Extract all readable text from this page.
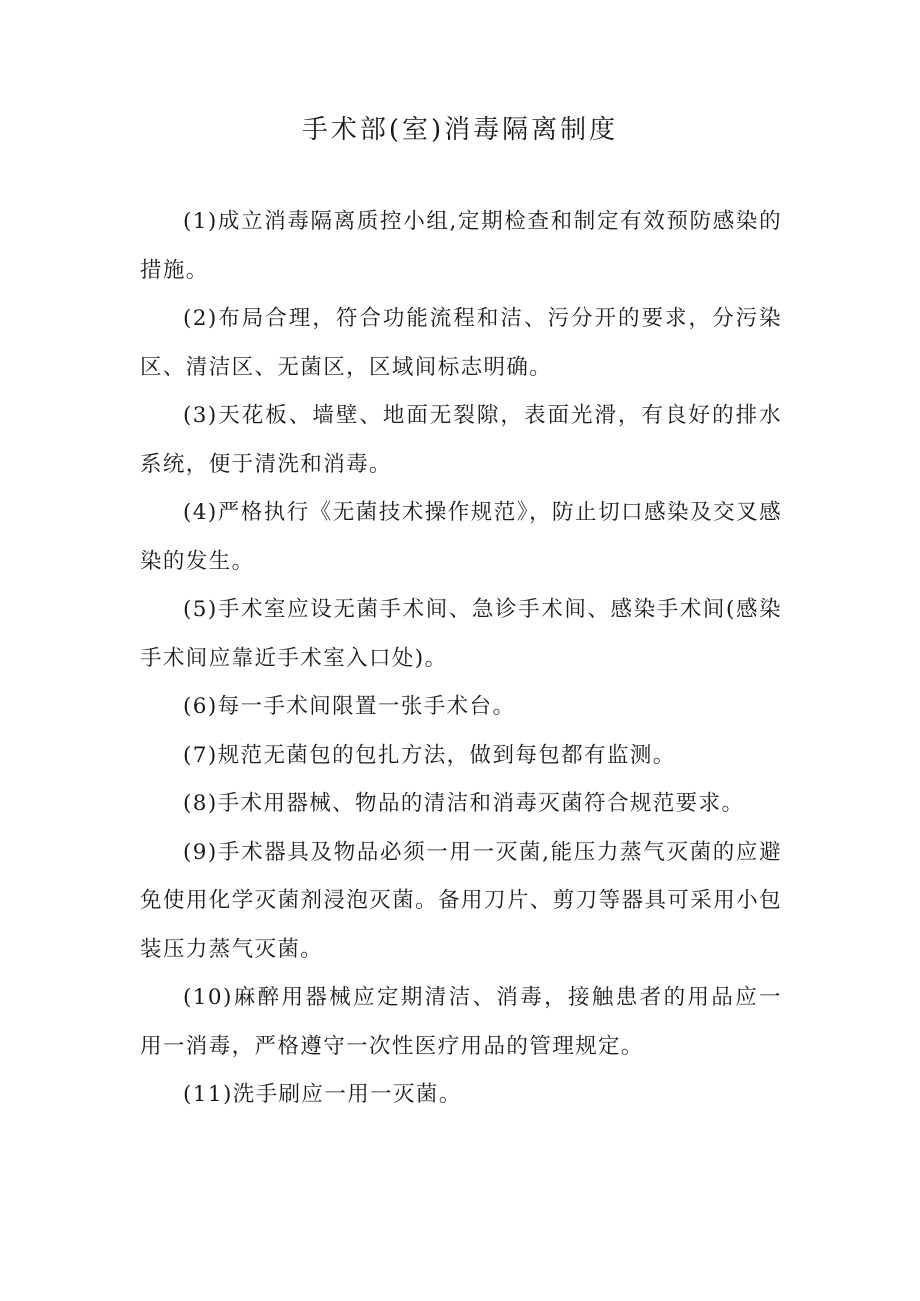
手术部(室)消毒隔离制度

(1)成立消毒隔离质控小组,定期检查和制定有效预防感染的措施。

(2)布局合理，符合功能流程和洁、污分开的要求，分污染区、清洁区、无菌区，区域间标志明确。

(3)天花板、墙壁、地面无裂隙，表面光滑，有良好的排水系统，便于清洗和消毒。

(4)严格执行《无菌技术操作规范》，防止切口感染及交叉感染的发生。

(5)手术室应设无菌手术间、急诊手术间、感染手术间(感染手术间应靠近手术室入口处)。

(6)每一手术间限置一张手术台。

(7)规范无菌包的包扎方法，做到每包都有监测。

(8)手术用器械、物品的清洁和消毒灭菌符合规范要求。

(9)手术器具及物品必须一用一灭菌,能压力蒸气灭菌的应避免使用化学灭菌剂浸泡灭菌。备用刀片、剪刀等器具可采用小包装压力蒸气灭菌。

(10)麻醉用器械应定期清洁、消毒，接触患者的用品应一用一消毒，严格遵守一次性医疗用品的管理规定。

(11)洗手刷应一用一灭菌。
